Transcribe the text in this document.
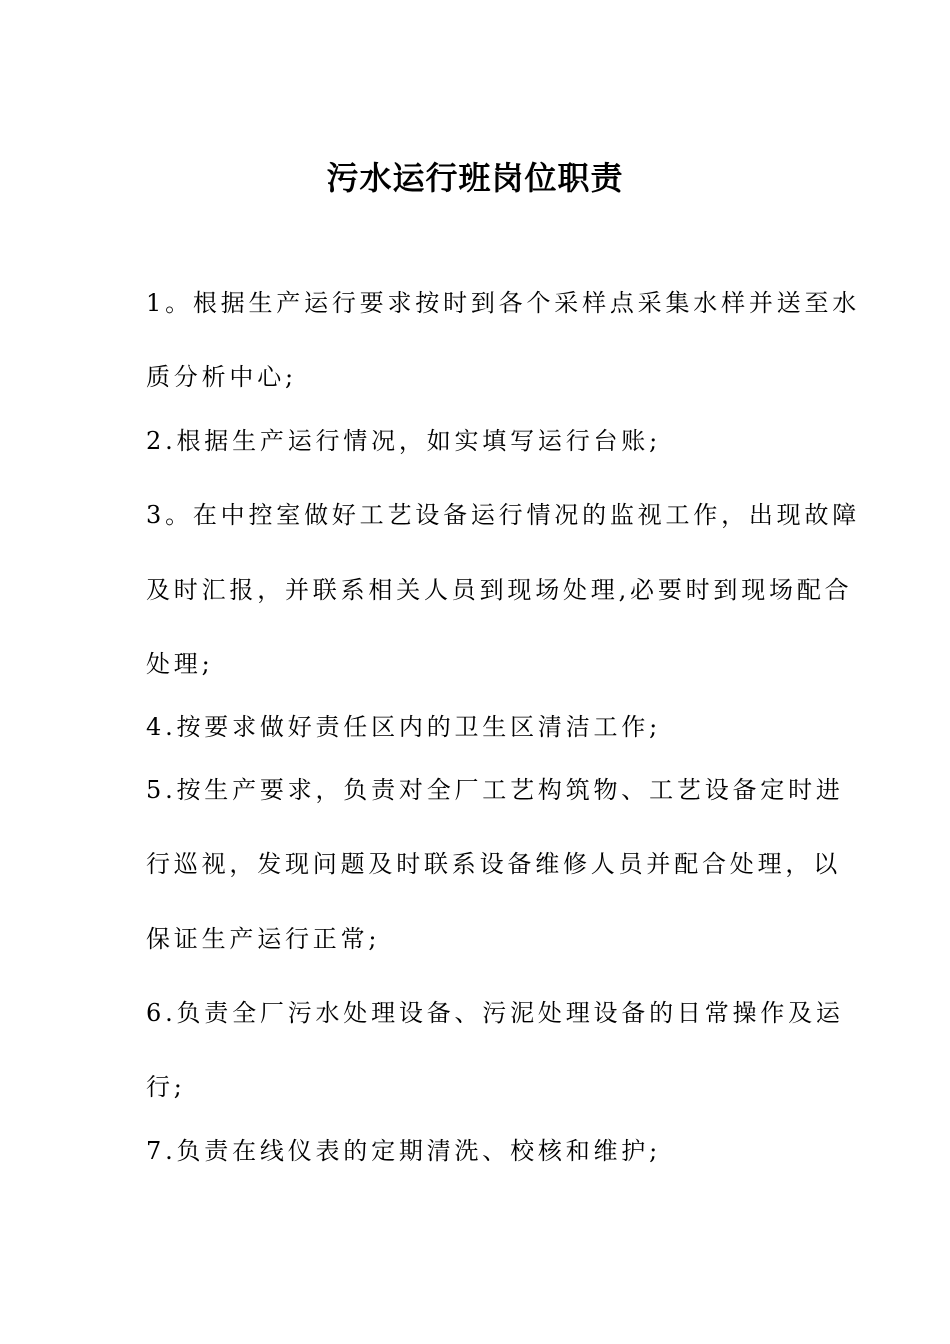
污水运行班岗位职责

1。根据生产运行要求按时到各个采样点采集水样并送至水

质分析中心;

2.根据生产运行情况，如实填写运行台账;

3。在中控室做好工艺设备运行情况的监视工作，出现故障

及时汇报，并联系相关人员到现场处理,必要时到现场配合

处理;

4.按要求做好责任区内的卫生区清洁工作;

5.按生产要求，负责对全厂工艺构筑物、工艺设备定时进

行巡视，发现问题及时联系设备维修人员并配合处理，以

保证生产运行正常;

6.负责全厂污水处理设备、污泥处理设备的日常操作及运

行;

7.负责在线仪表的定期清洗、校核和维护;
